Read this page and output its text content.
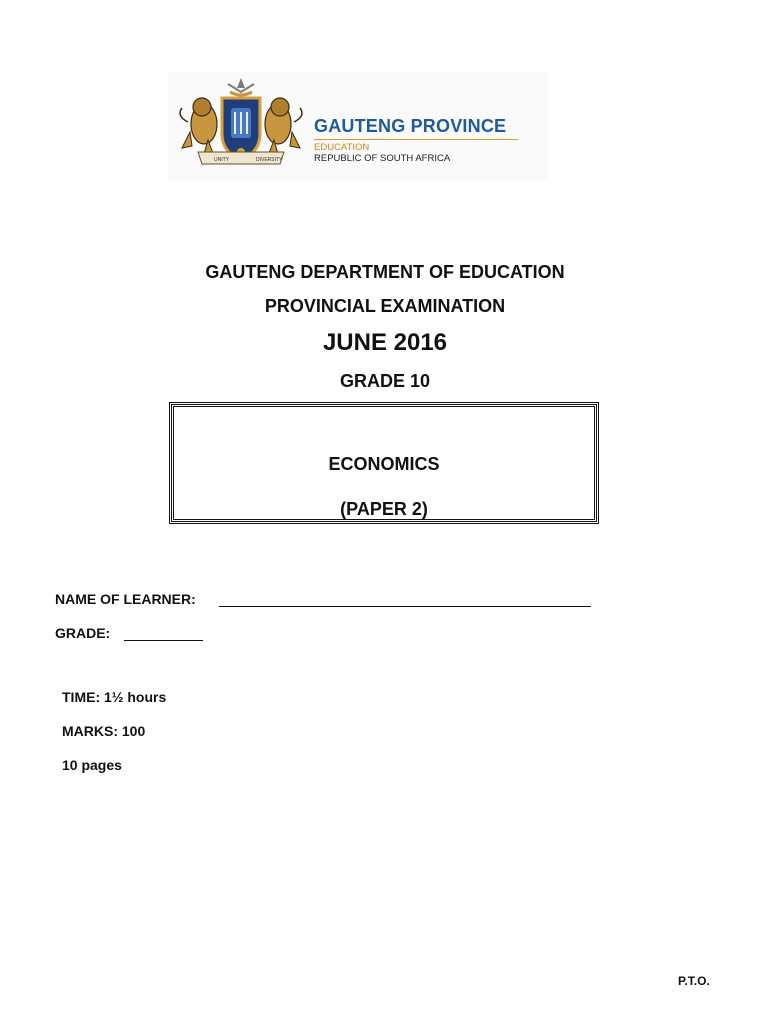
UNITY	DIVERSITY
GAUTENG PROVINCE
EDUCATION
REPUBLIC OF SOUTH AFRICA
GAUTENG DEPARTMENT OF EDUCATION
PROVINCIAL EXAMINATION
JUNE 2016
GRADE 10
ECONOMICS
(PAPER 2)
NAME OF LEARNER:
GRADE:
TIME: 1½ hours
MARKS: 100
10 pages
P.T.O.
